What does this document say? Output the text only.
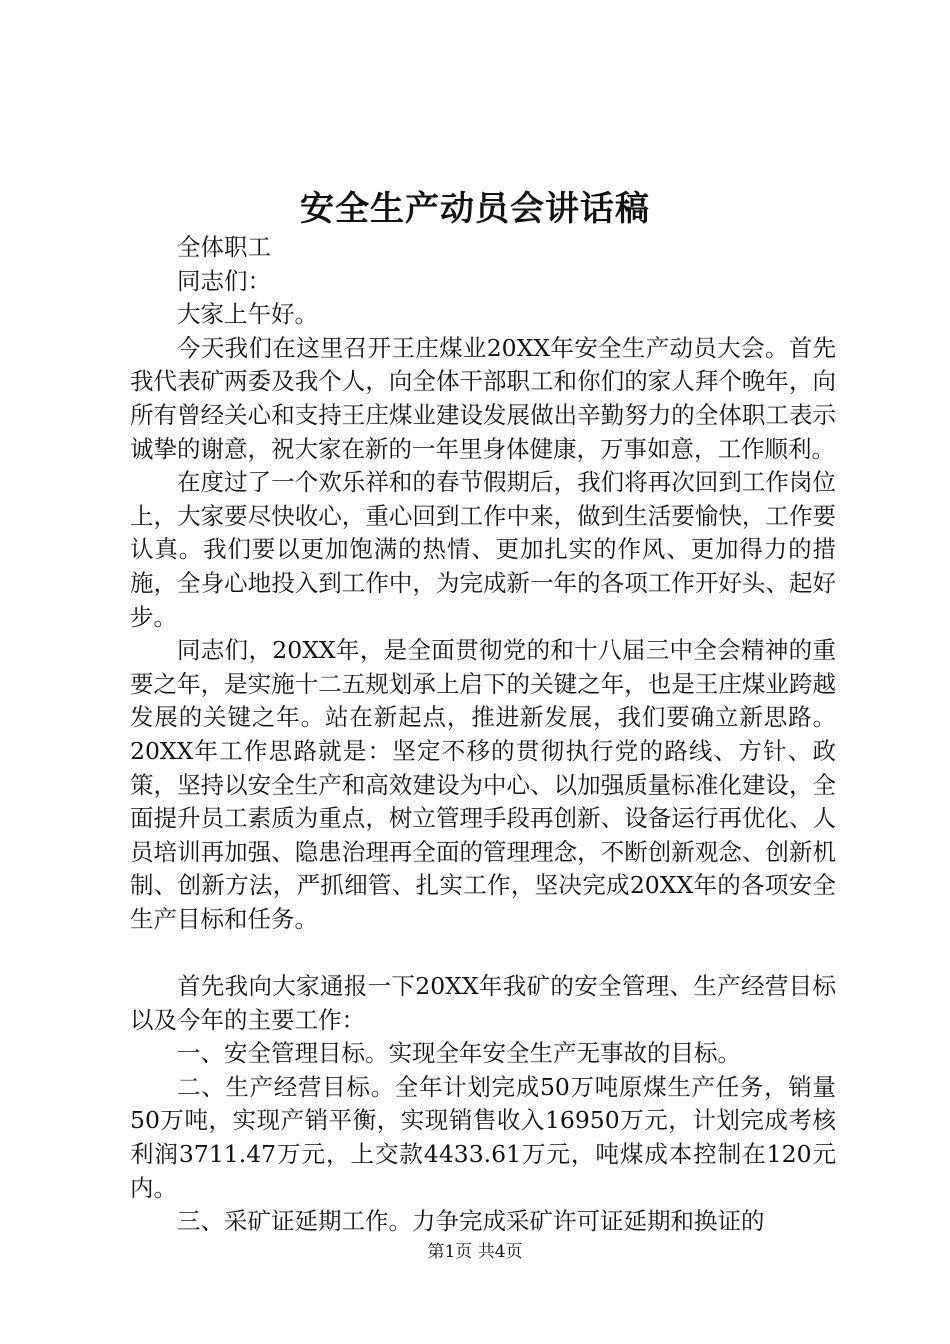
安全生产动员会讲话稿

全体职工

同志们：

大家上午好。

今天我们在这里召开王庄煤业20XX年安全生产动员大会。首先我代表矿两委及我个人，向全体干部职工和你们的家人拜个晚年，向所有曾经关心和支持王庄煤业建设发展做出辛勤努力的全体职工表示诚挚的谢意，祝大家在新的一年里身体健康，万事如意，工作顺利。

在度过了一个欢乐祥和的春节假期后，我们将再次回到工作岗位上，大家要尽快收心，重心回到工作中来，做到生活要愉快，工作要认真。我们要以更加饱满的热情、更加扎实的作风、更加得力的措施，全身心地投入到工作中，为完成新一年的各项工作开好头、起好步。

同志们，20XX年，是全面贯彻党的和十八届三中全会精神的重要之年，是实施十二五规划承上启下的关键之年，也是王庄煤业跨越发展的关键之年。站在新起点，推进新发展，我们要确立新思路。20XX年工作思路就是：坚定不移的贯彻执行党的路线、方针、政策，坚持以安全生产和高效建设为中心、以加强质量标准化建设，全面提升员工素质为重点，树立管理手段再创新、设备运行再优化、人员培训再加强、隐患治理再全面的管理理念，不断创新观念、创新机制、创新方法，严抓细管、扎实工作，坚决完成20XX年的各项安全生产目标和任务。

首先我向大家通报一下20XX年我矿的安全管理、生产经营目标以及今年的主要工作：

一、安全管理目标。实现全年安全生产无事故的目标。

二、生产经营目标。全年计划完成50万吨原煤生产任务，销量50万吨，实现产销平衡，实现销售收入16950万元，计划完成考核利润3711.47万元，上交款4433.61万元，吨煤成本控制在120元内。

三、采矿证延期工作。力争完成采矿许可证延期和换证的

第1页 共4页
